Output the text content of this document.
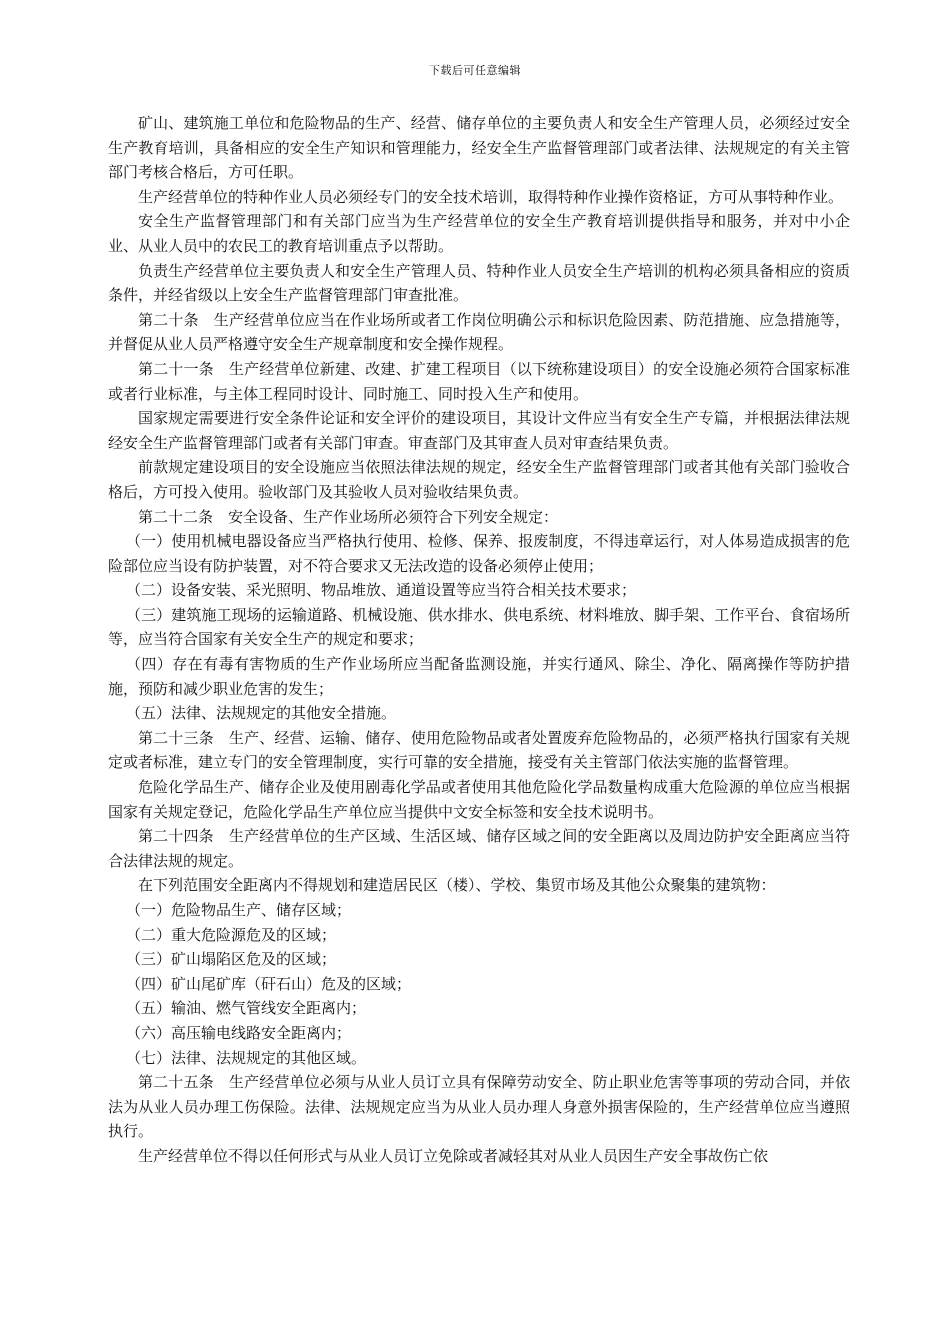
下载后可任意编辑

矿山、建筑施工单位和危险物品的生产、经营、储存单位的主要负责人和安全生产管理人员，必须经过安全生产教育培训，具备相应的安全生产知识和管理能力，经安全生产监督管理部门或者法律、法规规定的有关主管部门考核合格后，方可任职。

生产经营单位的特种作业人员必须经专门的安全技术培训，取得特种作业操作资格证，方可从事特种作业。

安全生产监督管理部门和有关部门应当为生产经营单位的安全生产教育培训提供指导和服务，并对中小企业、从业人员中的农民工的教育培训重点予以帮助。

负责生产经营单位主要负责人和安全生产管理人员、特种作业人员安全生产培训的机构必须具备相应的资质条件，并经省级以上安全生产监督管理部门审查批准。

第二十条　生产经营单位应当在作业场所或者工作岗位明确公示和标识危险因素、防范措施、应急措施等，并督促从业人员严格遵守安全生产规章制度和安全操作规程。

第二十一条　生产经营单位新建、改建、扩建工程项目（以下统称建设项目）的安全设施必须符合国家标准或者行业标准，与主体工程同时设计、同时施工、同时投入生产和使用。

国家规定需要进行安全条件论证和安全评价的建设项目，其设计文件应当有安全生产专篇，并根据法律法规经安全生产监督管理部门或者有关部门审查。审查部门及其审查人员对审查结果负责。

前款规定建设项目的安全设施应当依照法律法规的规定，经安全生产监督管理部门或者其他有关部门验收合格后，方可投入使用。验收部门及其验收人员对验收结果负责。

第二十二条　安全设备、生产作业场所必须符合下列安全规定：

（一）使用机械电器设备应当严格执行使用、检修、保养、报废制度，不得违章运行，对人体易造成损害的危险部位应当设有防护装置，对不符合要求又无法改造的设备必须停止使用；

（二）设备安装、采光照明、物品堆放、通道设置等应当符合相关技术要求；

（三）建筑施工现场的运输道路、机械设施、供水排水、供电系统、材料堆放、脚手架、工作平台、食宿场所等，应当符合国家有关安全生产的规定和要求；

（四）存在有毒有害物质的生产作业场所应当配备监测设施，并实行通风、除尘、净化、隔离操作等防护措施，预防和减少职业危害的发生；

（五）法律、法规规定的其他安全措施。

第二十三条　生产、经营、运输、储存、使用危险物品或者处置废弃危险物品的，必须严格执行国家有关规定或者标准，建立专门的安全管理制度，实行可靠的安全措施，接受有关主管部门依法实施的监督管理。

危险化学品生产、储存企业及使用剧毒化学品或者使用其他危险化学品数量构成重大危险源的单位应当根据国家有关规定登记，危险化学品生产单位应当提供中文安全标签和安全技术说明书。

第二十四条　生产经营单位的生产区域、生活区域、储存区域之间的安全距离以及周边防护安全距离应当符合法律法规的规定。

在下列范围安全距离内不得规划和建造居民区（楼）、学校、集贸市场及其他公众聚集的建筑物：

（一）危险物品生产、储存区域；

（二）重大危险源危及的区域；

（三）矿山塌陷区危及的区域；

（四）矿山尾矿库（矸石山）危及的区域；

（五）输油、燃气管线安全距离内；

（六）高压输电线路安全距离内；

（七）法律、法规规定的其他区域。

第二十五条　生产经营单位必须与从业人员订立具有保障劳动安全、防止职业危害等事项的劳动合同，并依法为从业人员办理工伤保险。法律、法规规定应当为从业人员办理人身意外损害保险的，生产经营单位应当遵照执行。

生产经营单位不得以任何形式与从业人员订立免除或者减轻其对从业人员因生产安全事故伤亡依
